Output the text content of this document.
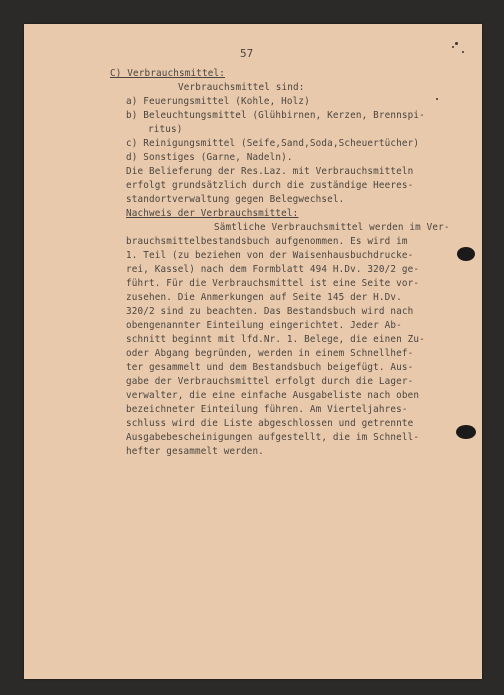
57
C) Verbrauchsmittel:
Verbrauchsmittel sind:
a) Feuerungsmittel (Kohle, Holz)
b) Beleuchtungsmittel (Glühbirnen, Kerzen, Brennspi-
ritus)
c) Reinigungsmittel (Seife,Sand,Soda,Scheuertücher)
d) Sonstiges (Garne, Nadeln).
Die Belieferung der Res.Laz. mit Verbrauchsmitteln
erfolgt grundsätzlich durch die zuständige Heeres-
standortverwaltung gegen Belegwechsel.
Nachweis der Verbrauchsmittel:
Sämtliche Verbrauchsmittel werden im Ver-
brauchsmittelbestandsbuch aufgenommen. Es wird im
1. Teil (zu beziehen von der Waisenhausbuchdrucke-
rei, Kassel) nach dem Formblatt 494 H.Dv. 320/2 ge-
führt. Für die Verbrauchsmittel ist eine Seite vor-
zusehen. Die Anmerkungen auf Seite 145 der H.Dv.
320/2 sind zu beachten. Das Bestandsbuch wird nach
obengenannter Einteilung eingerichtet. Jeder Ab-
schnitt beginnt mit lfd.Nr. 1. Belege, die einen Zu-
oder Abgang begründen, werden in einem Schnellhef-
ter gesammelt und dem Bestandsbuch beigefügt. Aus-
gabe der Verbrauchsmittel erfolgt durch die Lager-
verwalter, die eine einfache Ausgabeliste nach oben
bezeichneter Einteilung führen. Am Vierteljahres-
schluss wird die Liste abgeschlossen und getrennte
Ausgabebescheinigungen aufgestellt, die im Schnell-
hefter gesammelt werden.
